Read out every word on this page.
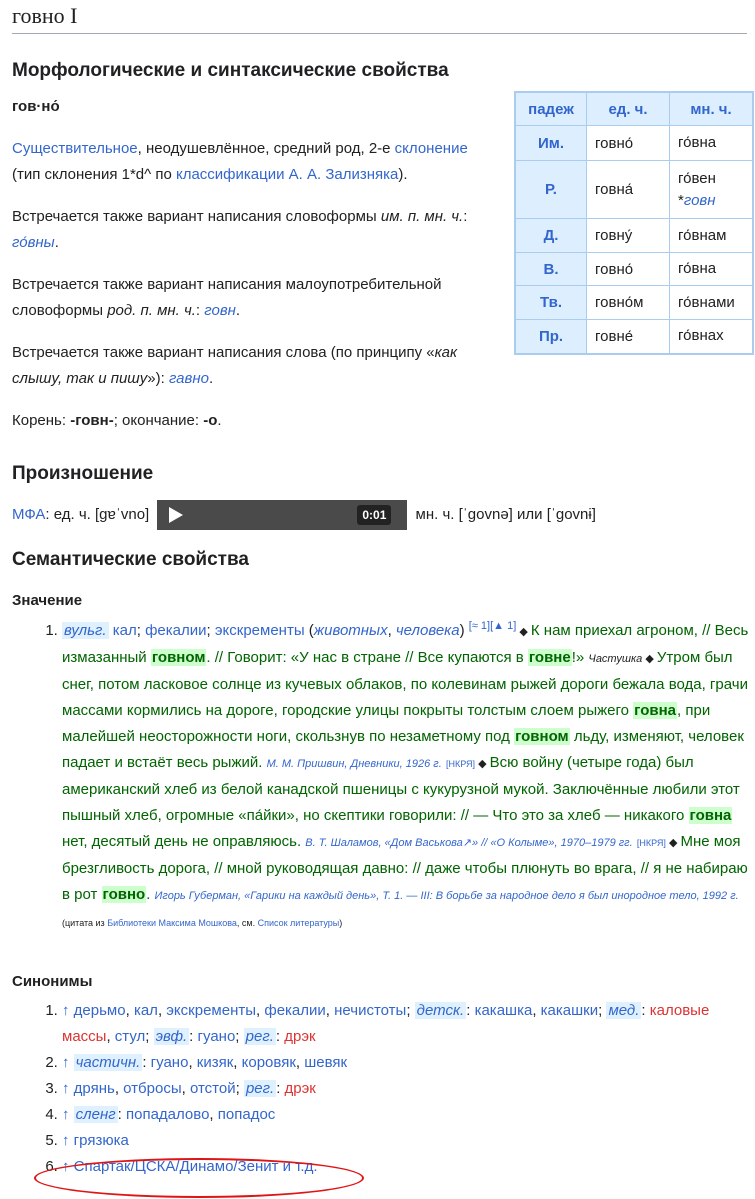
говно I
Морфологические и синтаксические свойства

гов·но́

Существительное, неодушевлённое, средний род, 2-е склонение
(тип склонения 1*d^ по классификации А. А. Зализняка).

Встречается также вариант написания словоформы им. п. мн. ч.: го́вны.

Встречается также вариант написания малоупотребительной словоформы род. п. мн. ч.: говн.

Встречается также вариант написания слова (по принципу «как слышу, так и пишу»): гавно.

Корень: -говн-; окончание: -о.

падеж	ед. ч.	мн. ч.
Им.	говно́	го́вна
Р.	говна́	го́вен
*говн
Д.	говну́	го́внам
В.	говно́	го́вна
Тв.	говно́м	го́внами
Пр.	говне́	го́внах
Произношение
МФА: ед. ч. [ɡɐˈvno]	0:01	мн. ч. [ˈɡovnə] или [ˈɡovnɨ]
Семантические свойства
Значение
1. вульг. кал; фекалии; экскременты (животных, человека) [≈ 1][▲ 1] ◆ К нам приехал агроном, // Весь измазанный говном. // Говорит: «У нас в стране // Все купаются в говне!» Частушка ◆ Утром был снег, потом ласковое солнце из кучевых облаков, по колевинам рыжей дороги бежала вода, грачи массами кормились на дороге, городские улицы покрыты толстым слоем рыжего говна, при малейшей неосторожности ноги, скользнув по незаметному под говном льду, изменяют, человек падает и встаёт весь рыжий. М. М. Пришвин, Дневники, 1926 г. [НКРЯ] ◆ Всю войну (четыре года) был американский хлеб из белой канадской пшеницы с кукурузной мукой. Заключённые любили этот пышный хлеб, огромные «па́йки», но скептики говорили: // — Что это за хлеб — никакого говна нет, десятый день не оправляюсь. В. Т. Шаламов, «Дом Васькова↗» // «О Колыме», 1970–1979 гг. [НКРЯ] ◆ Мне моя брезгливость дорога, // мной руководящая давно: // даже чтобы плюнуть во врага, // я не набираю в рот говно. Игорь Губерман, «Гарики на каждый день», Т. 1. — III: В борьбе за народное дело я был инородное тело, 1992 г. (цитата из Библиотеки Максима Мошкова, см. Список литературы)
Синонимы
1. ↑ дерьмо, кал, экскременты, фекалии, нечистоты; детск. : какашка, какашки; мед. : каловые массы, стул; эвф. : гуано; рег. : дрэк
2. ↑ частичн. : гуано, кизяк, коровяк, шевяк
3. ↑ дрянь, отбросы, отстой; рег. : дрэк
4. ↑ сленг : попадалово, попадос
5. ↑ грязюка
6. ↑ Спартак/ЦСКА/Динамо/Зенит и т.д.
